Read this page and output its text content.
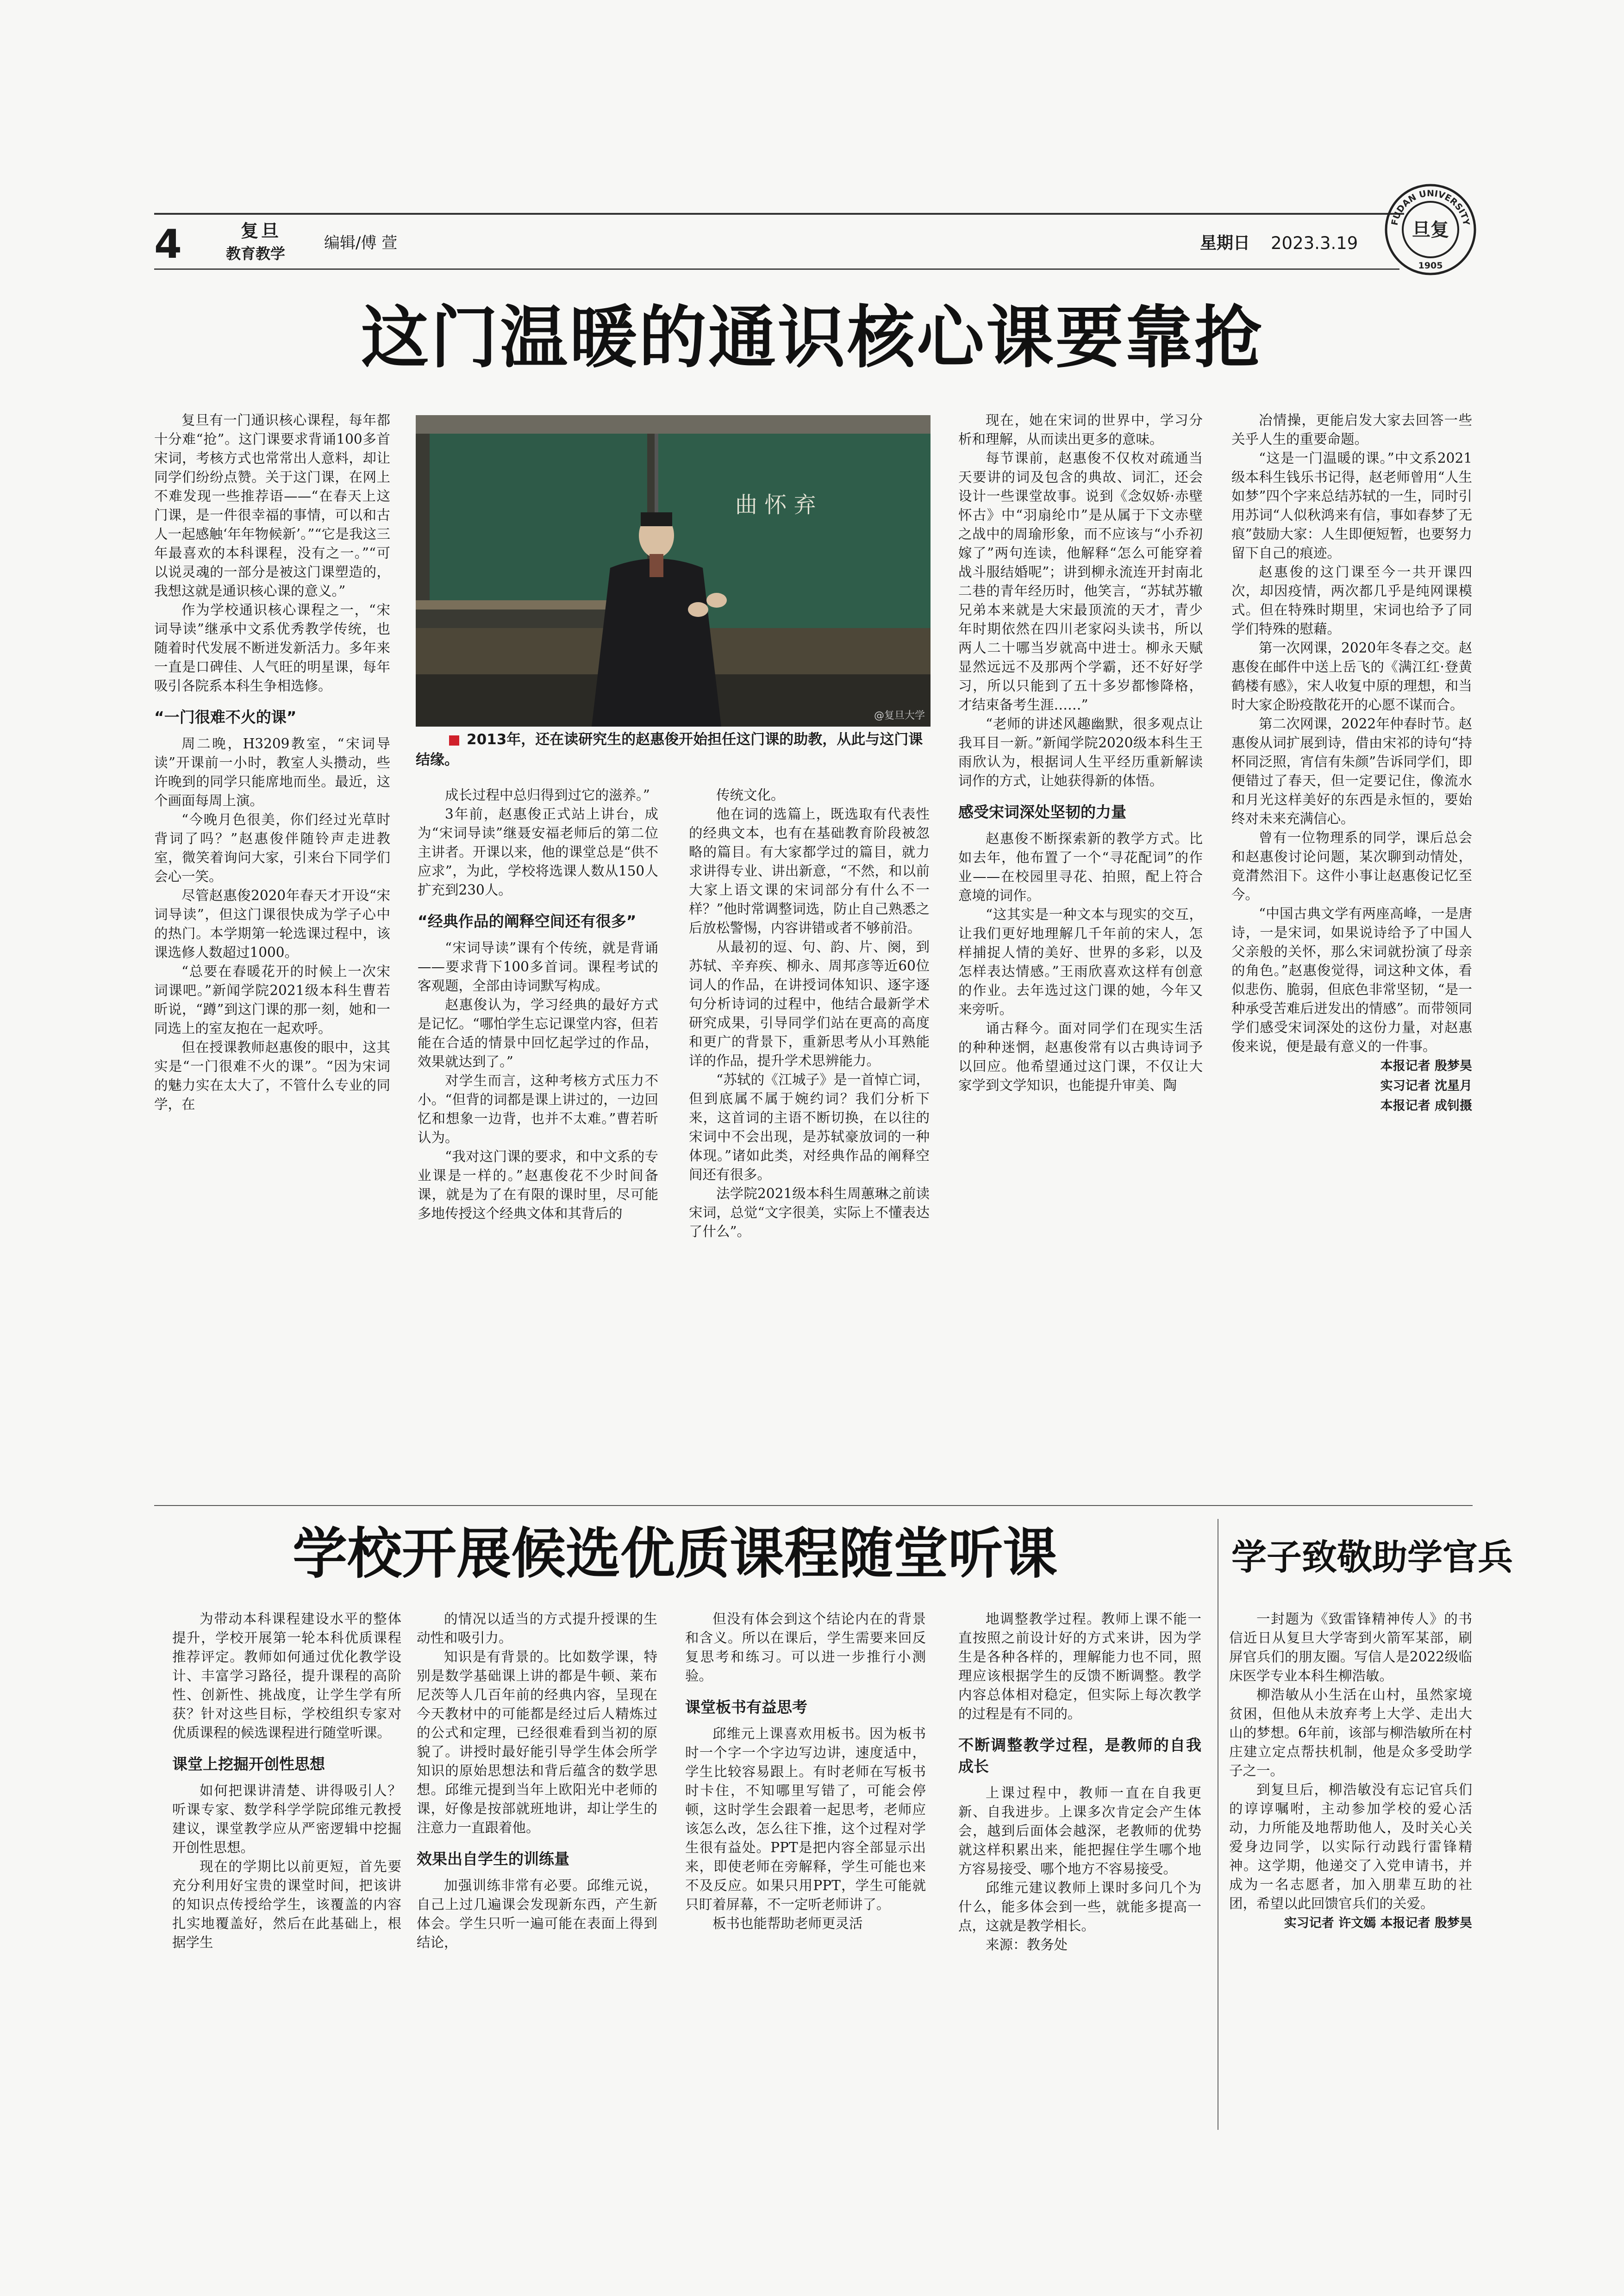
4	复旦
教育教学
编辑/傅 萱	星期日 2023.3.19
FUDAN UNIVERSITY
旦复
1905
这门温暖的通识核心课要靠抢
曲 怀 弃
@复旦大学
2013年，还在读研究生的赵惠俊开始担任这门课的助教，从此与这门课结缘。

复旦有一门通识核心课程，每年都十分难“抢”。这门课要求背诵100多首宋词，考核方式也常常出人意料，却让同学们纷纷点赞。关于这门课，在网上不难发现一些推荐语——“在春天上这门课，是一件很幸福的事情，可以和古人一起感触‘年年物候新’。”“它是我这三年最喜欢的本科课程，没有之一。”“可以说灵魂的一部分是被这门课塑造的，我想这就是通识核心课的意义。”

作为学校通识核心课程之一，“宋词导读”继承中文系优秀教学传统，也随着时代发展不断迸发新活力。多年来一直是口碑佳、人气旺的明星课，每年吸引各院系本科生争相选修。

“一门很难不火的课”

周二晚，H3209教室，“宋词导读”开课前一小时，教室人头攒动，些许晚到的同学只能席地而坐。最近，这个画面每周上演。

“今晚月色很美，你们经过光草时背词了吗？”赵惠俊伴随铃声走进教室，微笑着询问大家，引来台下同学们会心一笑。

尽管赵惠俊2020年春天才开设“宋词导读”，但这门课很快成为学子心中的热门。本学期第一轮选课过程中，该课选修人数超过1000。

“总要在春暖花开的时候上一次宋词课吧。”新闻学院2021级本科生曹若昕说，“蹲”到这门课的那一刻，她和一同选上的室友抱在一起欢呼。

但在授课教师赵惠俊的眼中，这其实是“一门很难不火的课”。“因为宋词的魅力实在太大了，不管什么专业的同学，在

成长过程中总归得到过它的滋养。”

3年前，赵惠俊正式站上讲台，成为“宋词导读”继聂安福老师后的第二位主讲者。开课以来，他的课堂总是“供不应求”，为此，学校将选课人数从150人扩充到230人。

“经典作品的阐释空间还有很多”

“宋词导读”课有个传统，就是背诵——要求背下100多首词。课程考试的客观题，全部由诗词默写构成。

赵惠俊认为，学习经典的最好方式是记忆。“哪怕学生忘记课堂内容，但若能在合适的情景中回忆起学过的作品，效果就达到了。”

对学生而言，这种考核方式压力不小。“但背的词都是课上讲过的，一边回忆和想象一边背，也并不太难。”曹若昕认为。

“我对这门课的要求，和中文系的专业课是一样的。”赵惠俊花不少时间备课，就是为了在有限的课时里，尽可能多地传授这个经典文体和其背后的

传统文化。

他在词的选篇上，既选取有代表性的经典文本，也有在基础教育阶段被忽略的篇目。有大家都学过的篇目，就力求讲得专业、讲出新意，“不然，和以前大家上语文课的宋词部分有什么不一样？”他时常调整词选，防止自己熟悉之后放松警惕，内容讲错或者不够前沿。

从最初的逗、句、韵、片、阕，到苏轼、辛弃疾、柳永、周邦彦等近60位词人的作品，在讲授词体知识、逐字逐句分析诗词的过程中，他结合最新学术研究成果，引导同学们站在更高的高度和更广的背景下，重新思考从小耳熟能详的作品，提升学术思辨能力。

“苏轼的《江城子》是一首悼亡词，但到底属不属于婉约词？我们分析下来，这首词的主语不断切换，在以往的宋词中不会出现，是苏轼豪放词的一种体现。”诸如此类，对经典作品的阐释空间还有很多。

法学院2021级本科生周蕙琳之前读宋词，总觉“文字很美，实际上不懂表达了什么”。

现在，她在宋词的世界中，学习分析和理解，从而读出更多的意味。

每节课前，赵惠俊不仅枚对疏通当天要讲的词及包含的典故、词汇，还会设计一些课堂故事。说到《念奴娇·赤壁怀古》中“羽扇纶巾”是从属于下文赤壁之战中的周瑜形象，而不应该与“小乔初嫁了”两句连读，他解释“怎么可能穿着战斗服结婚呢”；讲到柳永流连开封南北二巷的青年经历时，他笑言，“苏轼苏辙兄弟本来就是大宋最顶流的天才，青少年时期依然在四川老家闷头读书，所以两人二十哪当岁就高中进士。柳永天赋显然远远不及那两个学霸，还不好好学习，所以只能到了五十多岁都惨降格，才结束备考生涯……”

“老师的讲述风趣幽默，很多观点让我耳目一新。”新闻学院2020级本科生王雨欣认为，根据词人生平经历重新解读词作的方式，让她获得新的体悟。

感受宋词深处坚韧的力量

赵惠俊不断探索新的教学方式。比如去年，他布置了一个“寻花配词”的作业——在校园里寻花、拍照，配上符合意境的词作。

“这其实是一种文本与现实的交互，让我们更好地理解几千年前的宋人，怎样捕捉人情的美好、世界的多彩，以及怎样表达情感。”王雨欣喜欢这样有创意的作业。去年选过这门课的她，今年又来旁听。

诵古释今。面对同学们在现实生活的种种迷惘，赵惠俊常有以古典诗词予以回应。他希望通过这门课，不仅让大家学到文学知识，也能提升审美、陶

冶情操，更能启发大家去回答一些关乎人生的重要命题。

“这是一门温暖的课。”中文系2021级本科生钱乐书记得，赵老师曾用“人生如梦”四个字来总结苏轼的一生，同时引用苏词“人似秋鸿来有信，事如春梦了无痕”鼓励大家：人生即便短暂，也要努力留下自己的痕迹。

赵惠俊的这门课至今一共开课四次，却因疫情，两次都几乎是纯网课模式。但在特殊时期里，宋词也给予了同学们特殊的慰藉。

第一次网课，2020年冬春之交。赵惠俊在邮件中送上岳飞的《满江红·登黄鹤楼有感》，宋人收复中原的理想，和当时大家企盼疫散花开的心愿不谋而合。

第二次网课，2022年仲春时节。赵惠俊从词扩展到诗，借由宋祁的诗句“持杯同泛照，宵信有朱颜”告诉同学们，即便错过了春天，但一定要记住，像流水和月光这样美好的东西是永恒的，要始终对未来充满信心。

曾有一位物理系的同学，课后总会和赵惠俊讨论问题，某次聊到动情处，竟潸然泪下。这件小事让赵惠俊记忆至今。

“中国古典文学有两座高峰，一是唐诗，一是宋词，如果说诗给予了中国人父亲般的关怀，那么宋词就扮演了母亲的角色。”赵惠俊觉得，词这种文体，看似悲伤、脆弱，但底色非常坚韧，“是一种承受苦难后迸发出的情感”。而带领同学们感受宋词深处的这份力量，对赵惠俊来说，便是最有意义的一件事。

本报记者 殷梦昊

实习记者 沈星月

本报记者 成钊摄

学校开展候选优质课程随堂听课

为带动本科课程建设水平的整体提升，学校开展第一轮本科优质课程推荐评定。教师如何通过优化教学设计、丰富学习路径，提升课程的高阶性、创新性、挑战度，让学生学有所获？针对这些目标，学校组织专家对优质课程的候选课程进行随堂听课。

课堂上挖掘开创性思想

如何把课讲清楚、讲得吸引人？听课专家、数学科学学院邱维元教授建议，课堂教学应从严密逻辑中挖掘开创性思想。

现在的学期比以前更短，首先要充分利用好宝贵的课堂时间，把该讲的知识点传授给学生，该覆盖的内容扎实地覆盖好，然后在此基础上，根据学生

的情况以适当的方式提升授课的生动性和吸引力。

知识是有背景的。比如数学课，特别是数学基础课上讲的都是牛顿、莱布尼茨等人几百年前的经典内容，呈现在今天教材中的可能都是经过后人精炼过的公式和定理，已经很难看到当初的原貌了。讲授时最好能引导学生体会所学知识的原始思想法和背后蕴含的数学思想。邱维元提到当年上欧阳光中老师的课，好像是按部就班地讲，却让学生的注意力一直跟着他。

效果出自学生的训练量

加强训练非常有必要。邱维元说，自己上过几遍课会发现新东西，产生新体会。学生只听一遍可能在表面上得到结论，

但没有体会到这个结论内在的背景和含义。所以在课后，学生需要来回反复思考和练习。可以进一步推行小测验。

课堂板书有益思考

邱维元上课喜欢用板书。因为板书时一个字一个字边写边讲，速度适中，学生比较容易跟上。有时老师在写板书时卡住，不知哪里写错了，可能会停顿，这时学生会跟着一起思考，老师应该怎么改，怎么往下推，这个过程对学生很有益处。PPT是把内容全部显示出来，即使老师在旁解释，学生可能也来不及反应。如果只用PPT，学生可能就只盯着屏幕，不一定听老师讲了。

板书也能帮助老师更灵活

地调整教学过程。教师上课不能一直按照之前设计好的方式来讲，因为学生是各种各样的，理解能力也不同，照理应该根据学生的反馈不断调整。教学内容总体相对稳定，但实际上每次教学的过程是有不同的。

不断调整教学过程，是教师的自我成长

上课过程中，教师一直在自我更新、自我进步。上课多次肯定会产生体会，越到后面体会越深，老教师的优势就这样积累出来，能把握住学生哪个地方容易接受、哪个地方不容易接受。

邱维元建议教师上课时多问几个为什么，能多体会到一些，就能多提高一点，这就是教学相长。

来源：教务处

学子致敬助学官兵

一封题为《致雷锋精神传人》的书信近日从复旦大学寄到火箭军某部，刷屏官兵们的朋友圈。写信人是2022级临床医学专业本科生柳浩敏。

柳浩敏从小生活在山村，虽然家境贫困，但他从未放弃考上大学、走出大山的梦想。6年前，该部与柳浩敏所在村庄建立定点帮扶机制，他是众多受助学子之一。

到复旦后，柳浩敏没有忘记官兵们的谆谆嘱咐，主动参加学校的爱心活动，力所能及地帮助他人，及时关心关爱身边同学，以实际行动践行雷锋精神。这学期，他递交了入党申请书，并成为一名志愿者，加入朋辈互助的社团，希望以此回馈官兵们的关爱。

实习记者 许文嫣 本报记者 殷梦昊
